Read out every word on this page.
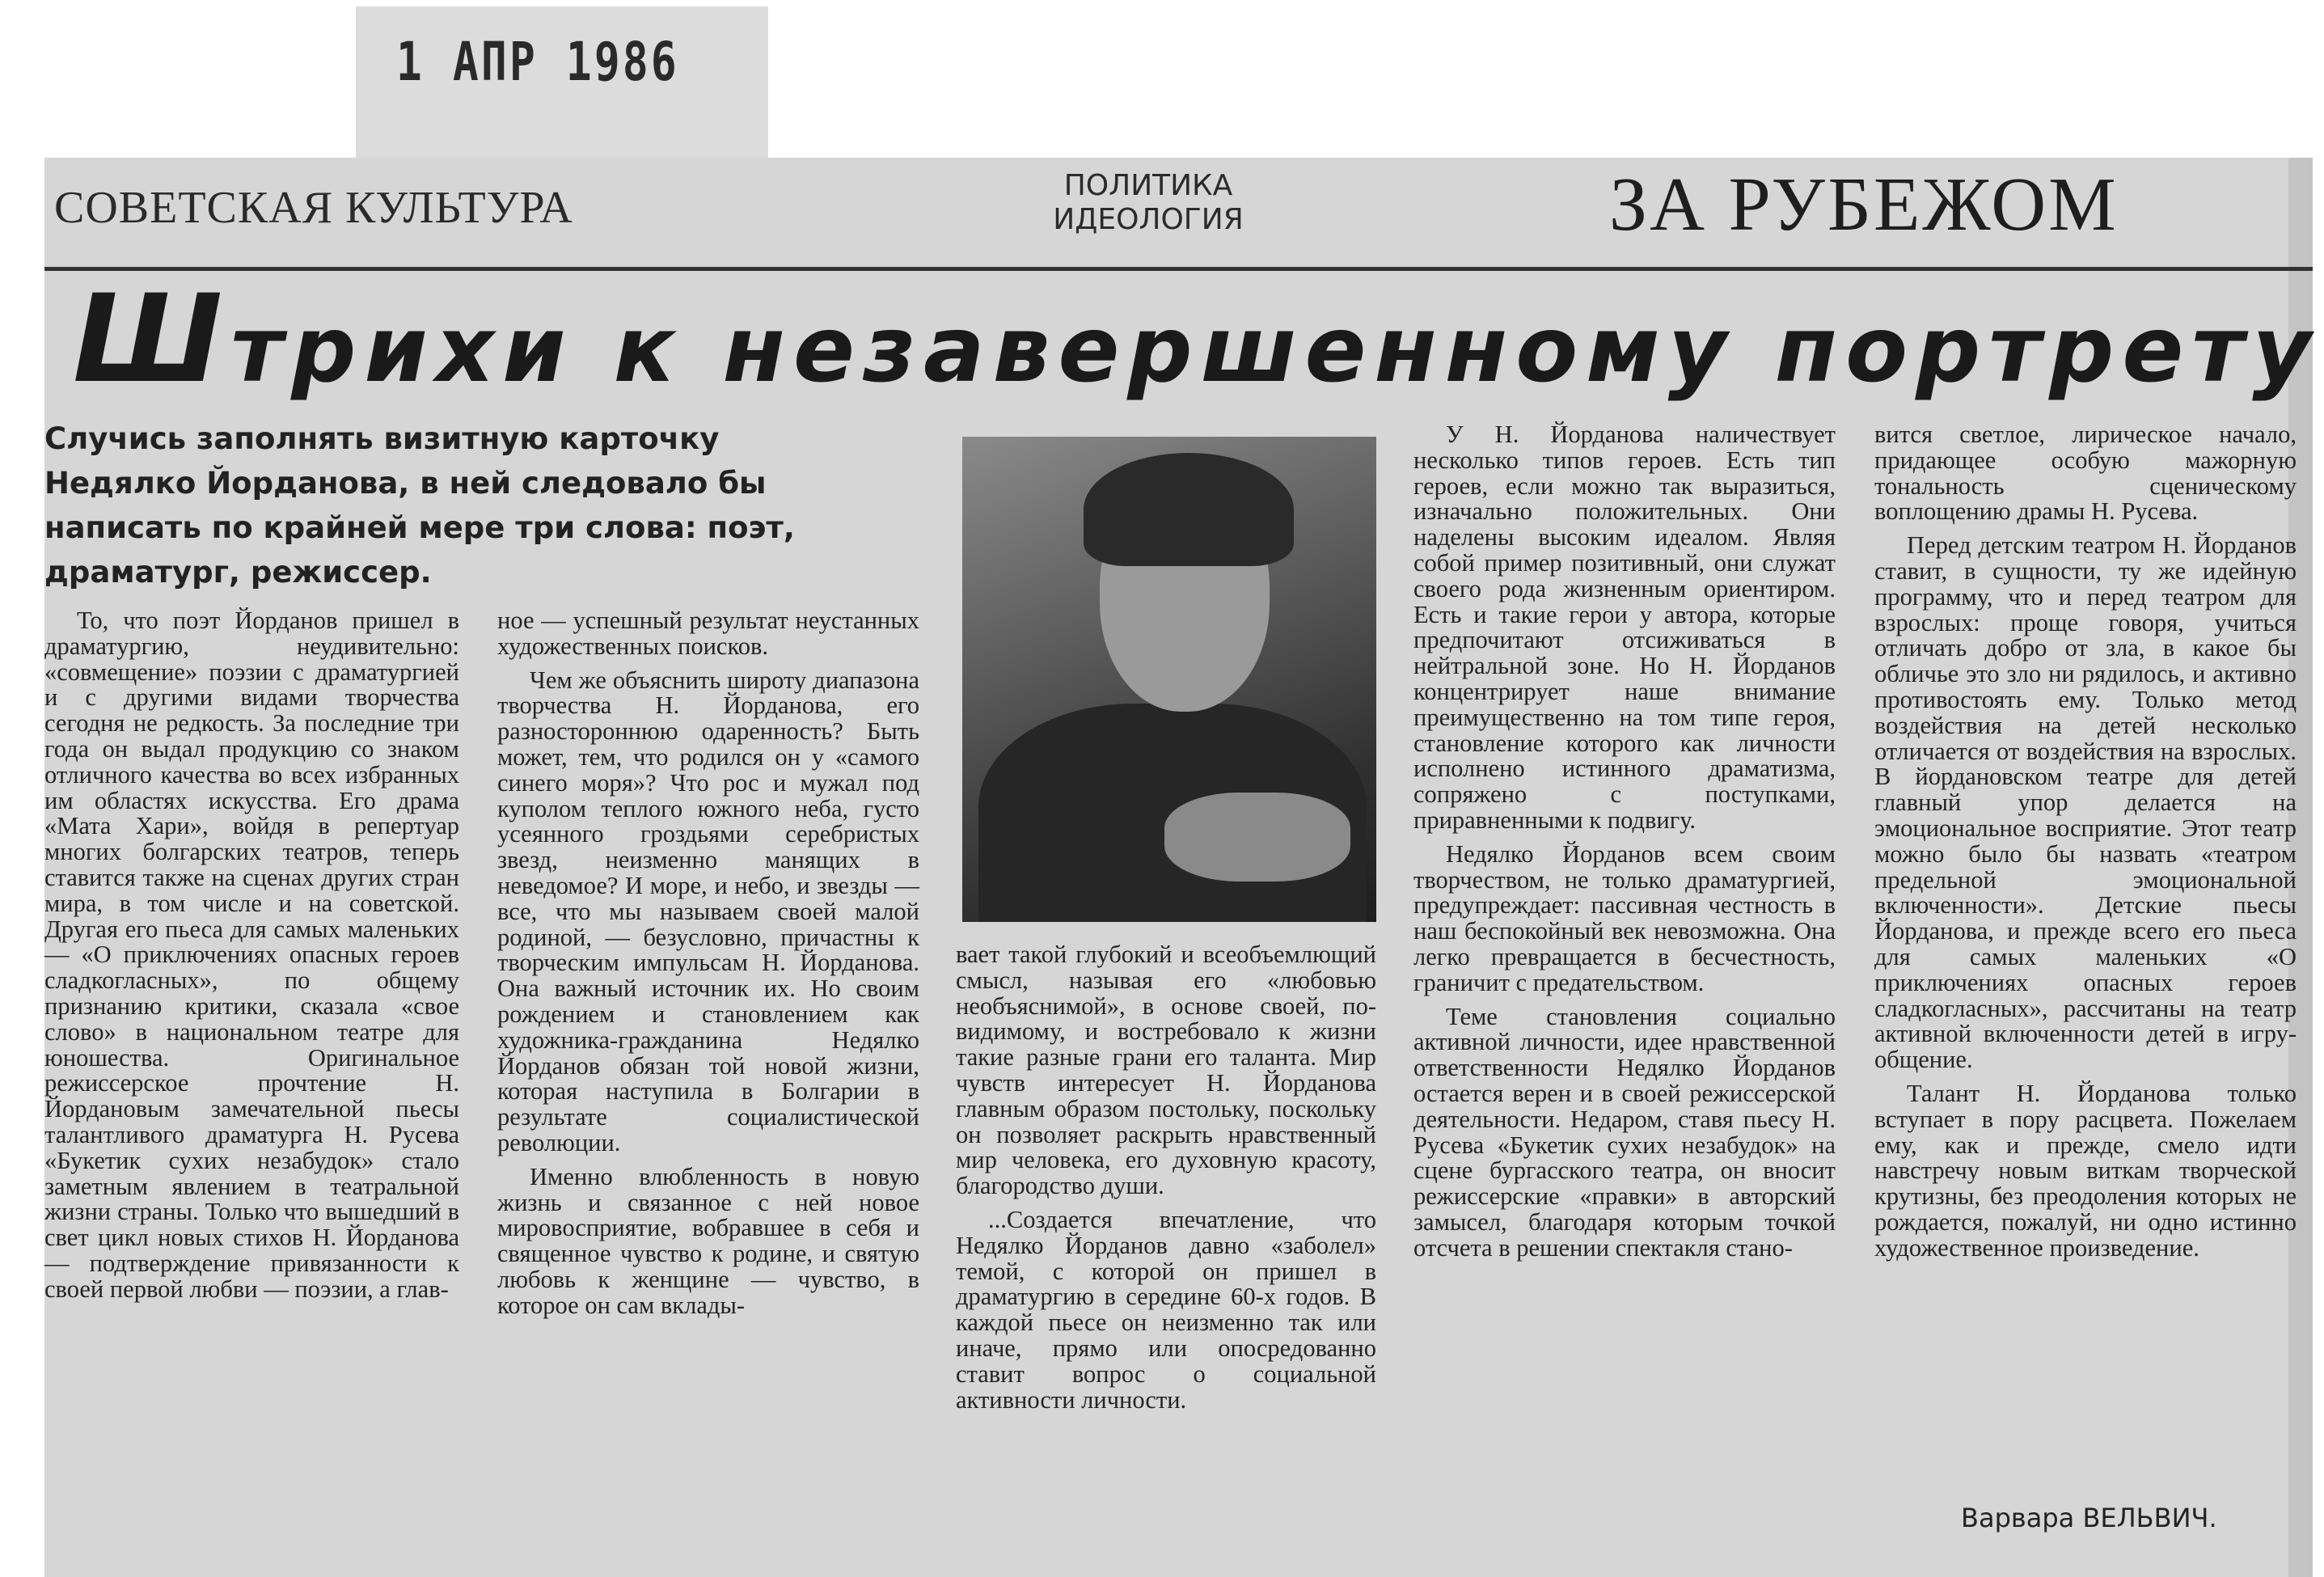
1 АПР 1986
СОВЕТСКАЯ КУЛЬТУРА	ПОЛИТИКА
ИДЕОЛОГИЯ	ЗА РУБЕЖОМ
Штрихи к незавершенному портрету
Случись заполнять визитную карточку Недялко Йорданова, в ней следовало бы написать по крайней мере три слова: поэт, драматург, режиссер.

То, что поэт Йорданов пришел в драматургию, неудивительно: «совмещение» поэзии с драматургией и с другими видами творчества сегодня не редкость. За последние три года он выдал продукцию со знаком отличного качества во всех избранных им областях искусства. Его драма «Мата Хари», войдя в репертуар многих болгарских театров, теперь ставится также на сценах других стран мира, в том числе и на советской. Другая его пьеса для самых маленьких — «О приключениях опасных героев сладкогласных», по общему признанию критики, сказала «свое слово» в национальном театре для юношества. Оригинальное режиссерское прочтение Н. Йордановым замечательной пьесы талантливого драматурга Н. Русева «Букетик сухих незабудок» стало заметным явлением в театральной жизни страны. Только что вышедший в свет цикл новых стихов Н. Йорданова — подтверждение привязанности к своей первой любви — поэзии, а глав-

ное — успешный результат неустанных художественных поисков.

Чем же объяснить широту диапазона творчества Н. Йорданова, его разностороннюю одаренность? Быть может, тем, что родился он у «самого синего моря»? Что рос и мужал под куполом теплого южного неба, густо усеянного гроздьями серебристых звезд, неизменно манящих в неведомое? И море, и небо, и звезды — все, что мы называем своей малой родиной, — безусловно, причастны к творческим импульсам Н. Йорданова. Она важный источник их. Но своим рождением и становлением как художника-гражданина Недялко Йорданов обязан той новой жизни, которая наступила в Болгарии в результате социалистической революции.

Именно влюбленность в новую жизнь и связанное с ней новое мировосприятие, вобравшее в себя и священное чувство к родине, и святую любовь к женщине — чувство, в которое он сам вклады-

вает такой глубокий и всеобъемлющий смысл, называя его «любовью необъяснимой», в основе своей, по-видимому, и востребовало к жизни такие разные грани его таланта. Мир чувств интересует Н. Йорданова главным образом постольку, поскольку он позволяет раскрыть нравственный мир человека, его духовную красоту, благородство души.

...Создается впечатление, что Недялко Йорданов давно «заболел» темой, с которой он пришел в драматургию в середине 60-х годов. В каждой пьесе он неизменно так или иначе, прямо или опосредованно ставит вопрос о социальной активности личности.

У Н. Йорданова наличествует несколько типов героев. Есть тип героев, если можно так выразиться, изначально положительных. Они наделены высоким идеалом. Являя собой пример позитивный, они служат своего рода жизненным ориентиром. Есть и такие герои у автора, которые предпочитают отсиживаться в нейтральной зоне. Но Н. Йорданов концентрирует наше внимание преимущественно на том типе героя, становление которого как личности исполнено истинного драматизма, сопряжено с поступками, приравненными к подвигу.

Недялко Йорданов всем своим творчеством, не только драматургией, предупреждает: пассивная честность в наш беспокойный век невозможна. Она легко превращается в бесчестность, граничит с предательством.

Теме становления социально активной личности, идее нравственной ответственности Недялко Йорданов остается верен и в своей режиссерской деятельности. Недаром, ставя пьесу Н. Русева «Букетик сухих незабудок» на сцене бургасского театра, он вносит режиссерские «правки» в авторский замысел, благодаря которым точкой отсчета в решении спектакля стано-

вится светлое, лирическое начало, придающее особую мажорную тональность сценическому воплощению драмы Н. Русева.

Перед детским театром Н. Йорданов ставит, в сущности, ту же идейную программу, что и перед театром для взрослых: проще говоря, учиться отличать добро от зла, в какое бы обличье это зло ни рядилось, и активно противостоять ему. Только метод воздействия на детей несколько отличается от воздействия на взрослых. В йордановском театре для детей главный упор делается на эмоциональное восприятие. Этот театр можно было бы назвать «театром предельной эмоциональной включенности». Детские пьесы Йорданова, и прежде всего его пьеса для самых маленьких «О приключениях опасных героев сладкогласных», рассчитаны на театр активной включенности детей в игру-общение.

Талант Н. Йорданова только вступает в пору расцвета. Пожелаем ему, как и прежде, смело идти навстречу новым виткам творческой крутизны, без преодоления которых не рождается, пожалуй, ни одно истинно художественное произведение.

Варвара ВЕЛЬВИЧ.
